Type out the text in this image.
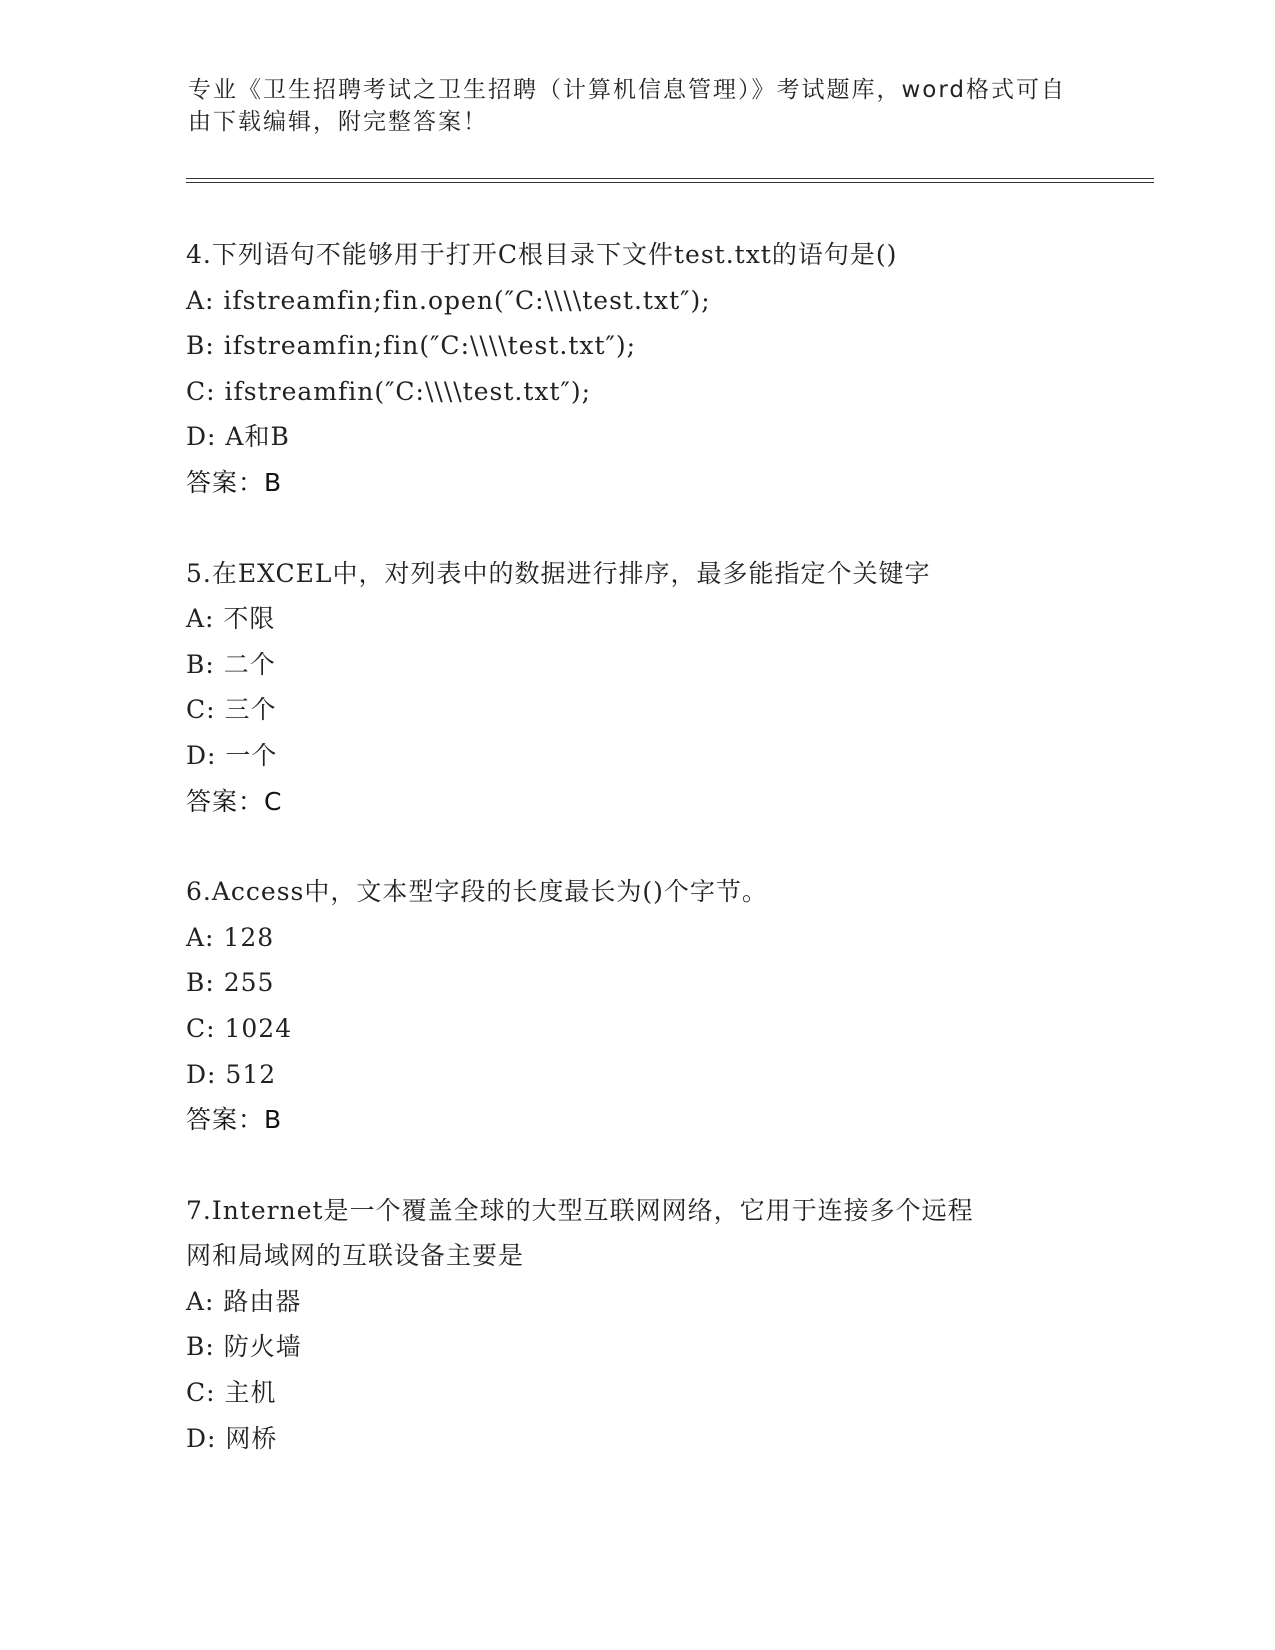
专业《卫生招聘考试之卫生招聘（计算机信息管理）》考试题库，word格式可自由下载编辑，附完整答案！
4.下列语句不能够用于打开C根目录下文件test.txt的语句是()
A: ifstreamfin;fin.open(″C:\\\\test.txt″);
B: ifstreamfin;fin(″C:\\\\test.txt″);
C: ifstreamfin(″C:\\\\test.txt″);
D: A和B
答案：B
5.在EXCEL中，对列表中的数据进行排序，最多能指定个关键字
A: 不限
B: 二个
C: 三个
D: 一个
答案：C
6.Access中，文本型字段的长度最长为()个字节。
A: 128
B: 255
C: 1024
D: 512
答案：B
7.Internet是一个覆盖全球的大型互联网网络，它用于连接多个远程
网和局域网的互联设备主要是
A: 路由器
B: 防火墙
C: 主机
D: 网桥
